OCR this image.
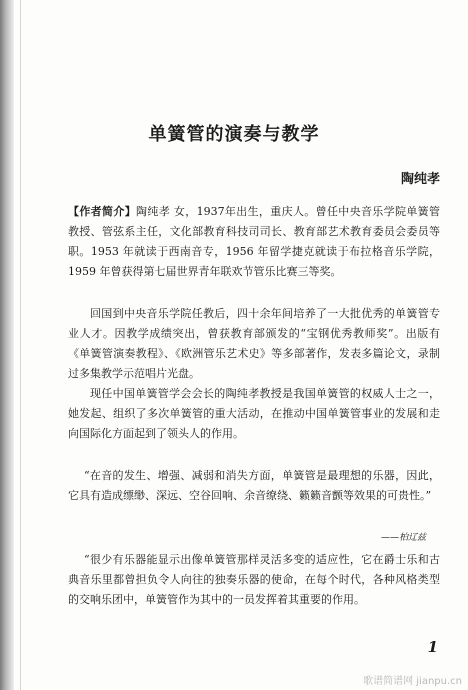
单簧管的演奏与教学
陶纯孝

【作者简介】陶纯孝 女，1937年出生，重庆人。曾任中央音乐学院单簧管教授、管弦系主任，文化部教育科技司司长、教育部艺术教育委员会委员等职。1953 年就读于西南音专，1956 年留学捷克就读于布拉格音乐学院，1959 年曾获得第七届世界青年联欢节管乐比赛三等奖。

回国到中央音乐学院任教后，四十余年间培养了一大批优秀的单簧管专业人才。因教学成绩突出，曾获教育部颁发的“宝钢优秀教师奖”。出版有《单簧管演奏教程》、《欧洲管乐艺术史》等多部著作，发表多篇论文，录制过多集教学示范唱片光盘。

现任中国单簧管学会会长的陶纯孝教授是我国单簧管的权威人士之一，她发起、组织了多次单簧管的重大活动，在推动中国单簧管事业的发展和走向国际化方面起到了领头人的作用。

“在音的发生、增强、减弱和消失方面，单簧管是最理想的乐器，因此，它具有造成缥缈、深远、空谷回响、余音缭绕、籁籁音颤等效果的可贵性。”

——柏辽兹

“很少有乐器能显示出像单簧管那样灵活多变的适应性，它在爵士乐和古典音乐里都曾担负令人向往的独奏乐器的使命，在每个时代，各种风格类型的交响乐团中，单簧管作为其中的一员发挥着其重要的作用。

1
歌谱简谱网 jianpu.cn
